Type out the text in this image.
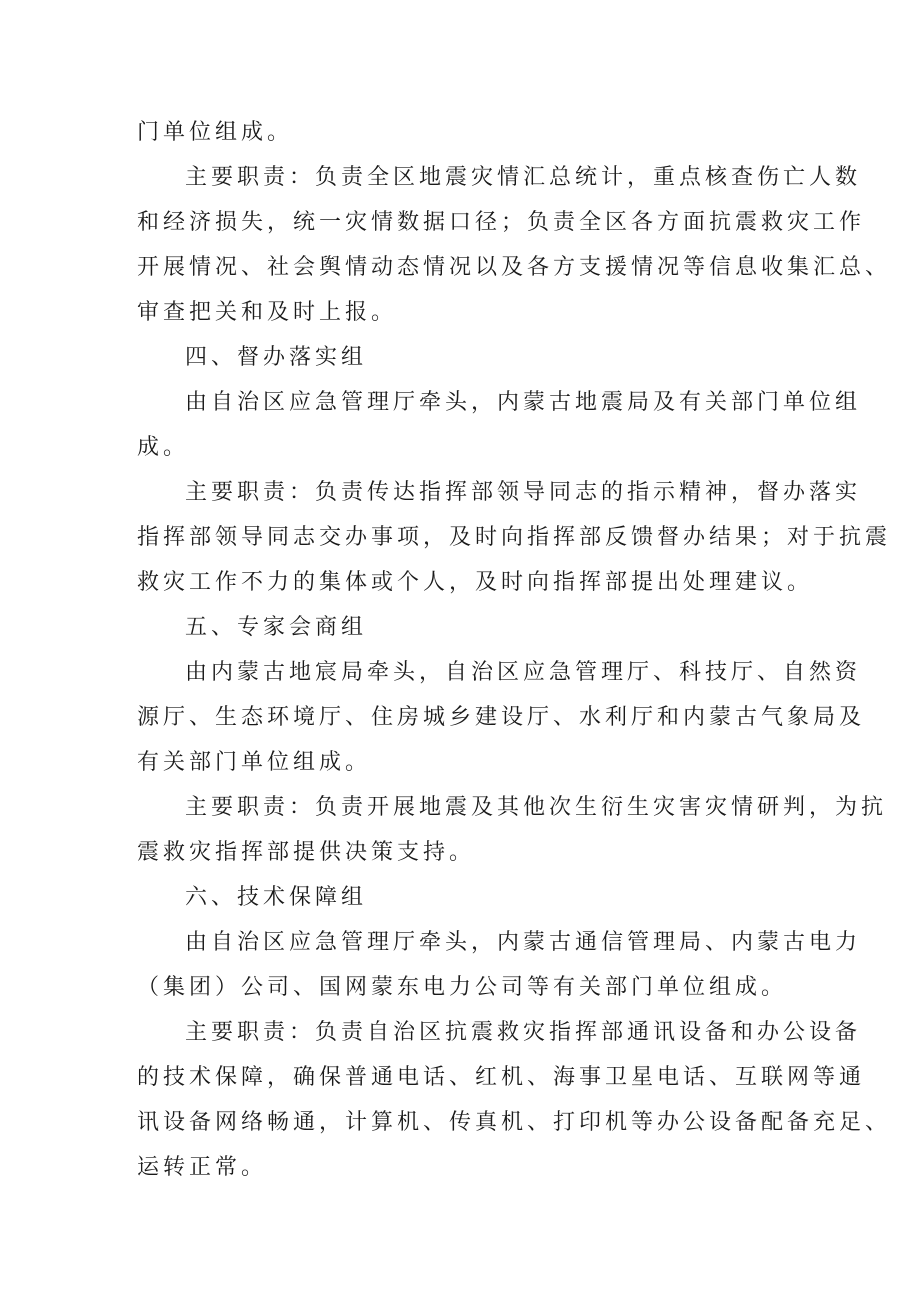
门单位组成。
主要职责：负责全区地震灾情汇总统计，重点核查伤亡人数
和经济损失，统一灾情数据口径；负责全区各方面抗震救灾工作
开展情况、社会舆情动态情况以及各方支援情况等信息收集汇总、
审查把关和及时上报。
四、督办落实组
由自治区应急管理厅牵头，内蒙古地震局及有关部门单位组
成。
主要职责：负责传达指挥部领导同志的指示精神，督办落实
指挥部领导同志交办事项，及时向指挥部反馈督办结果；对于抗震
救灾工作不力的集体或个人，及时向指挥部提出处理建议。
五、专家会商组
由内蒙古地宸局牵头，自治区应急管理厅、科技厅、自然资
源厅、生态环境厅、住房城乡建设厅、水利厅和内蒙古气象局及
有关部门单位组成。
主要职责：负责开展地震及其他次生衍生灾害灾情研判，为抗
震救灾指挥部提供决策支持。
六、技术保障组
由自治区应急管理厅牵头，内蒙古通信管理局、内蒙古电力
（集团）公司、国网蒙东电力公司等有关部门单位组成。
主要职责：负责自治区抗震救灾指挥部通讯设备和办公设备
的技术保障，确保普通电话、红机、海事卫星电话、互联网等通
讯设备网络畅通，计算机、传真机、打印机等办公设备配备充足、
运转正常。
